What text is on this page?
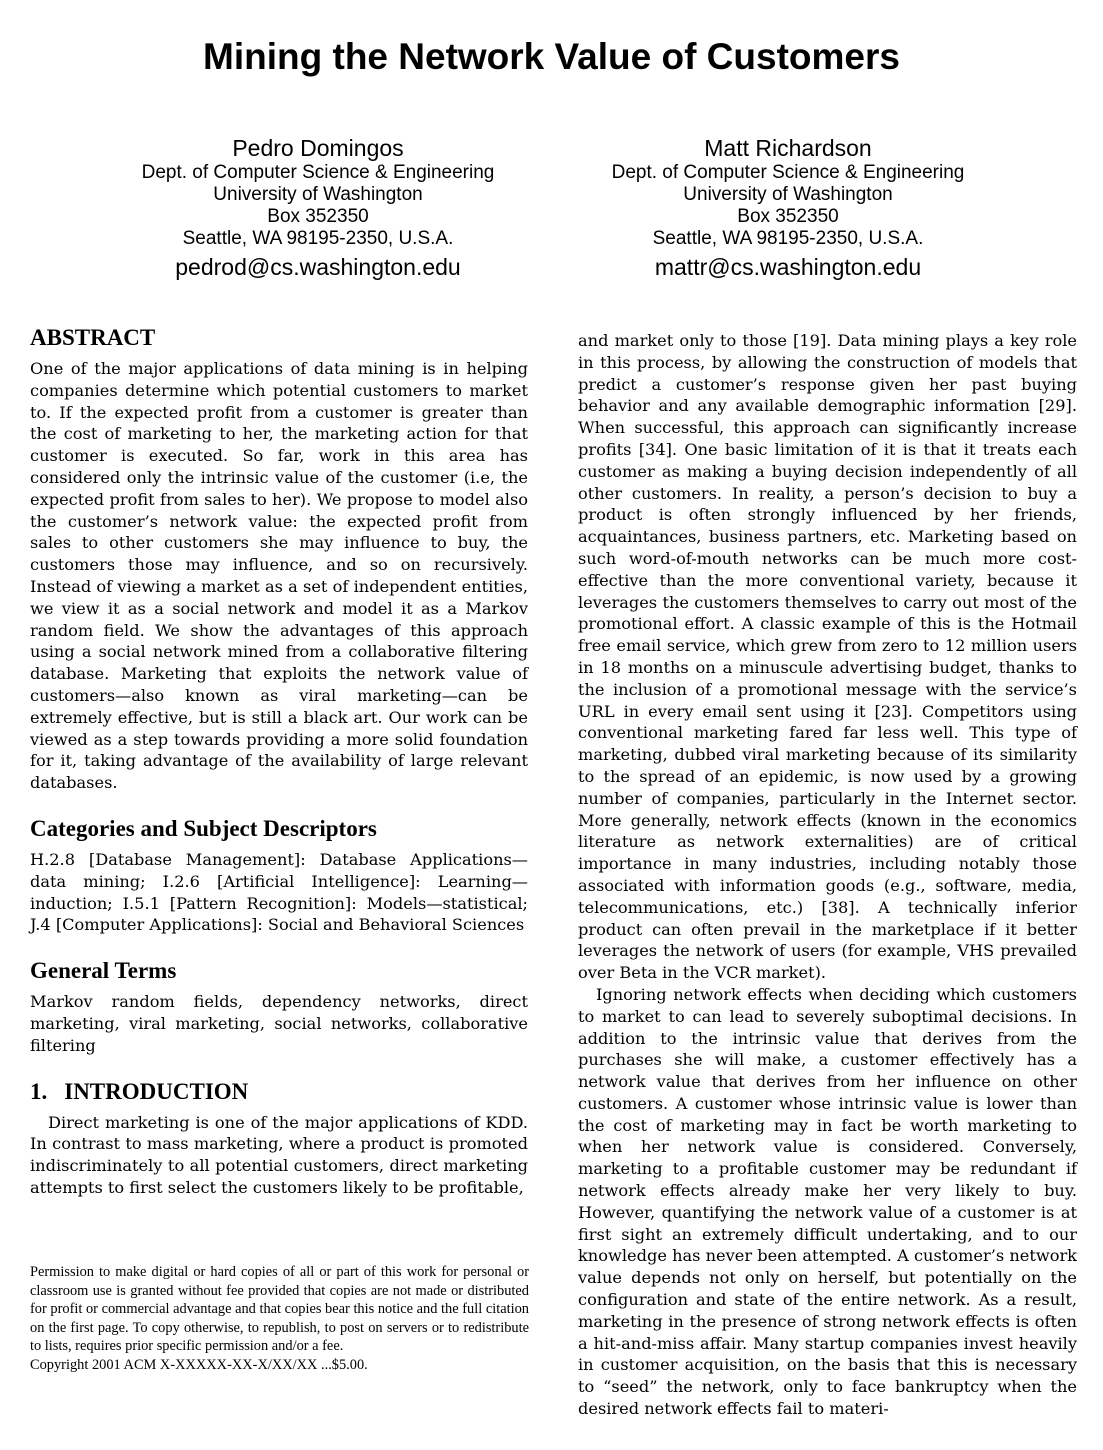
Mining the Network Value of Customers
Pedro Domingos
Dept. of Computer Science & Engineering
University of Washington
Box 352350
Seattle, WA 98195-2350, U.S.A.
pedrod@cs.washington.edu
Matt Richardson
Dept. of Computer Science & Engineering
University of Washington
Box 352350
Seattle, WA 98195-2350, U.S.A.
mattr@cs.washington.edu
ABSTRACT

One of the major applications of data mining is in helping companies determine which potential customers to market to. If the expected profit from a customer is greater than the cost of marketing to her, the marketing action for that customer is executed. So far, work in this area has considered only the intrinsic value of the customer (i.e, the expected profit from sales to her). We propose to model also the customer’s network value: the expected profit from sales to other customers she may influence to buy, the customers those may influence, and so on recursively. Instead of viewing a market as a set of independent entities, we view it as a social network and model it as a Markov random field. We show the advantages of this approach using a social network mined from a collaborative filtering database. Marketing that exploits the network value of customers—also known as viral marketing—can be extremely effective, but is still a black art. Our work can be viewed as a step towards providing a more solid foundation for it, taking advantage of the availability of large relevant databases.

Categories and Subject Descriptors

H.2.8 [Database Management]: Database Applications—data mining; I.2.6 [Artificial Intelligence]: Learning—induction; I.5.1 [Pattern Recognition]: Models—statistical; J.4 [Computer Applications]: Social and Behavioral Sciences

General Terms

Markov random fields, dependency networks, direct marketing, viral marketing, social networks, collaborative filtering

1. INTRODUCTION

Direct marketing is one of the major applications of KDD. In contrast to mass marketing, where a product is promoted indiscriminately to all potential customers, direct marketing attempts to first select the customers likely to be profitable,

Permission to make digital or hard copies of all or part of this work for personal or classroom use is granted without fee provided that copies are not made or distributed for profit or commercial advantage and that copies bear this notice and the full citation on the first page. To copy otherwise, to republish, to post on servers or to redistribute to lists, requires prior specific permission and/or a fee.

Copyright 2001 ACM X-XXXXX-XX-X/XX/XX ...$5.00.

and market only to those [19]. Data mining plays a key role in this process, by allowing the construction of models that predict a customer’s response given her past buying behavior and any available demographic information [29]. When successful, this approach can significantly increase profits [34]. One basic limitation of it is that it treats each customer as making a buying decision independently of all other customers. In reality, a person’s decision to buy a product is often strongly influenced by her friends, acquaintances, business partners, etc. Marketing based on such word-of-mouth networks can be much more cost-effective than the more conventional variety, because it leverages the customers themselves to carry out most of the promotional effort. A classic example of this is the Hotmail free email service, which grew from zero to 12 million users in 18 months on a minuscule advertising budget, thanks to the inclusion of a promotional message with the service’s URL in every email sent using it [23]. Competitors using conventional marketing fared far less well. This type of marketing, dubbed viral marketing because of its similarity to the spread of an epidemic, is now used by a growing number of companies, particularly in the Internet sector. More generally, network effects (known in the economics literature as network externalities) are of critical importance in many industries, including notably those associated with information goods (e.g., software, media, telecommunications, etc.) [38]. A technically inferior product can often prevail in the marketplace if it better leverages the network of users (for example, VHS prevailed over Beta in the VCR market).

Ignoring network effects when deciding which customers to market to can lead to severely suboptimal decisions. In addition to the intrinsic value that derives from the purchases she will make, a customer effectively has a network value that derives from her influence on other customers. A customer whose intrinsic value is lower than the cost of marketing may in fact be worth marketing to when her network value is considered. Conversely, marketing to a profitable customer may be redundant if network effects already make her very likely to buy. However, quantifying the network value of a customer is at first sight an extremely difficult undertaking, and to our knowledge has never been attempted. A customer’s network value depends not only on herself, but potentially on the configuration and state of the entire network. As a result, marketing in the presence of strong network effects is often a hit-and-miss affair. Many startup companies invest heavily in customer acquisition, on the basis that this is necessary to “seed” the network, only to face bankruptcy when the desired network effects fail to materi-
